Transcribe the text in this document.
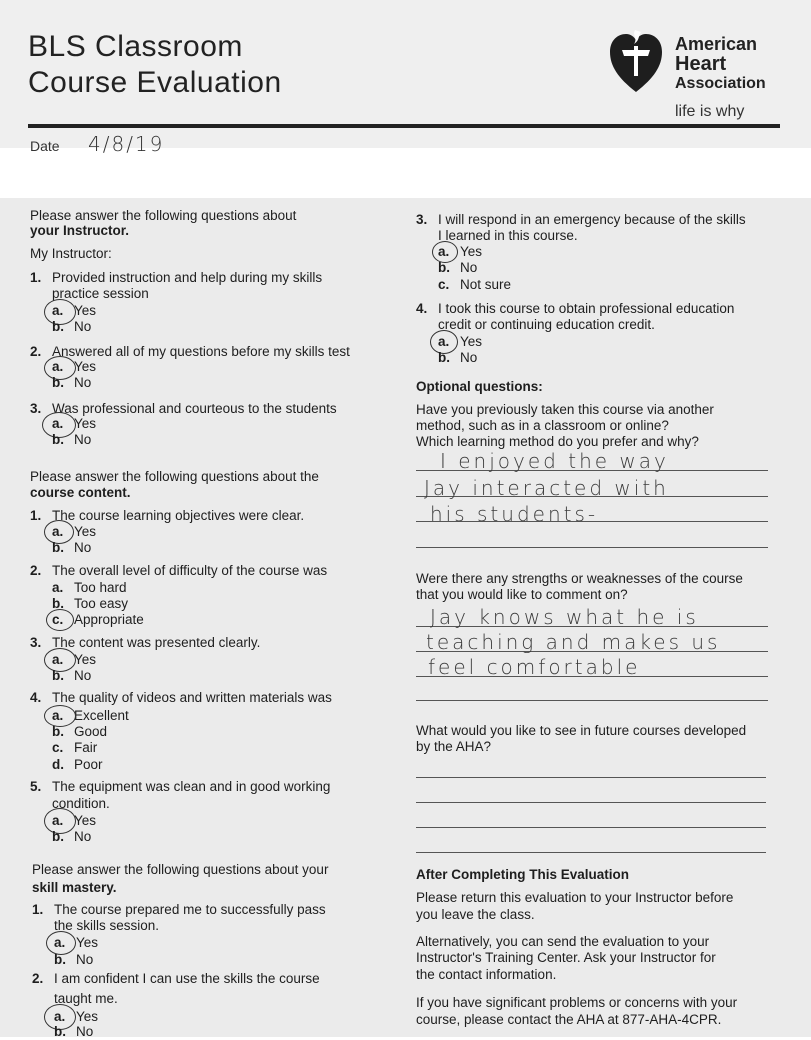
BLS Classroom
Course Evaluation
American
Heart
Association
life is why
Date 4/8/19
Please answer the following questions about
your Instructor.
My Instructor:
1. Provided instruction and help during my skills
practice session
a. Yes
b. No
2. Answered all of my questions before my skills test
a. Yes
b. No
3. Was professional and courteous to the students
a. Yes
b. No
Please answer the following questions about the
course content.
1. The course learning objectives were clear.
a. Yes
b. No
2. The overall level of difficulty of the course was
a. Too hard
b. Too easy
c. Appropriate
3. The content was presented clearly.
a. Yes
b. No
4. The quality of videos and written materials was
a. Excellent
b. Good
c. Fair
d. Poor
5. The equipment was clean and in good working
condition.
a. Yes
b. No
Please answer the following questions about your
skill mastery.
1. The course prepared me to successfully pass
the skills session.
a. Yes
b. No
2. I am confident I can use the skills the course
taught me.
a. Yes
b. No
3. I will respond in an emergency because of the skills
I learned in this course.
a. Yes
b. No
c. Not sure
4. I took this course to obtain professional education
credit or continuing education credit.
a. Yes
b. No
Optional questions:
Have you previously taken this course via another
method, such as in a classroom or online?
Which learning method do you prefer and why?
I enjoyed the way
Jay interacted with
his students-
Were there any strengths or weaknesses of the course
that you would like to comment on?
Jay knows what he is
teaching and makes us
feel comfortable
What would you like to see in future courses developed
by the AHA?
After Completing This Evaluation
Please return this evaluation to your Instructor before
you leave the class.
Alternatively, you can send the evaluation to your
Instructor's Training Center. Ask your Instructor for
the contact information.
If you have significant problems or concerns with your
course, please contact the AHA at 877-AHA-4CPR.
